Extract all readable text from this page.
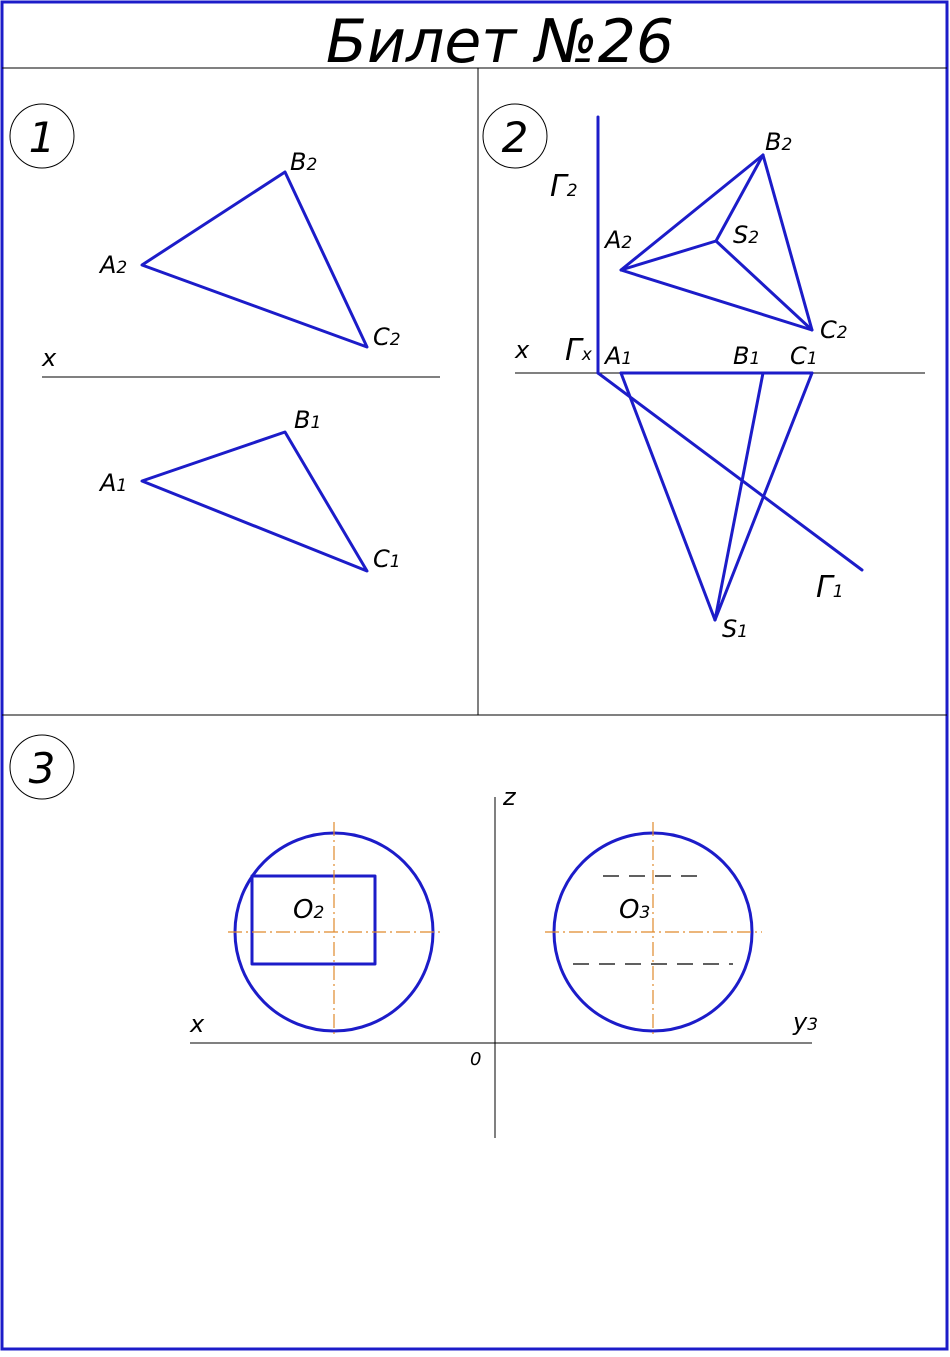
Билет №26
1
x
A2
B2
C2
A1
B1
C1
2
x
Г2
Гx
Г1
A2
B2
S2
C2
A1	B1 C1
S1
3
x
z
y3
0
O2	O3
